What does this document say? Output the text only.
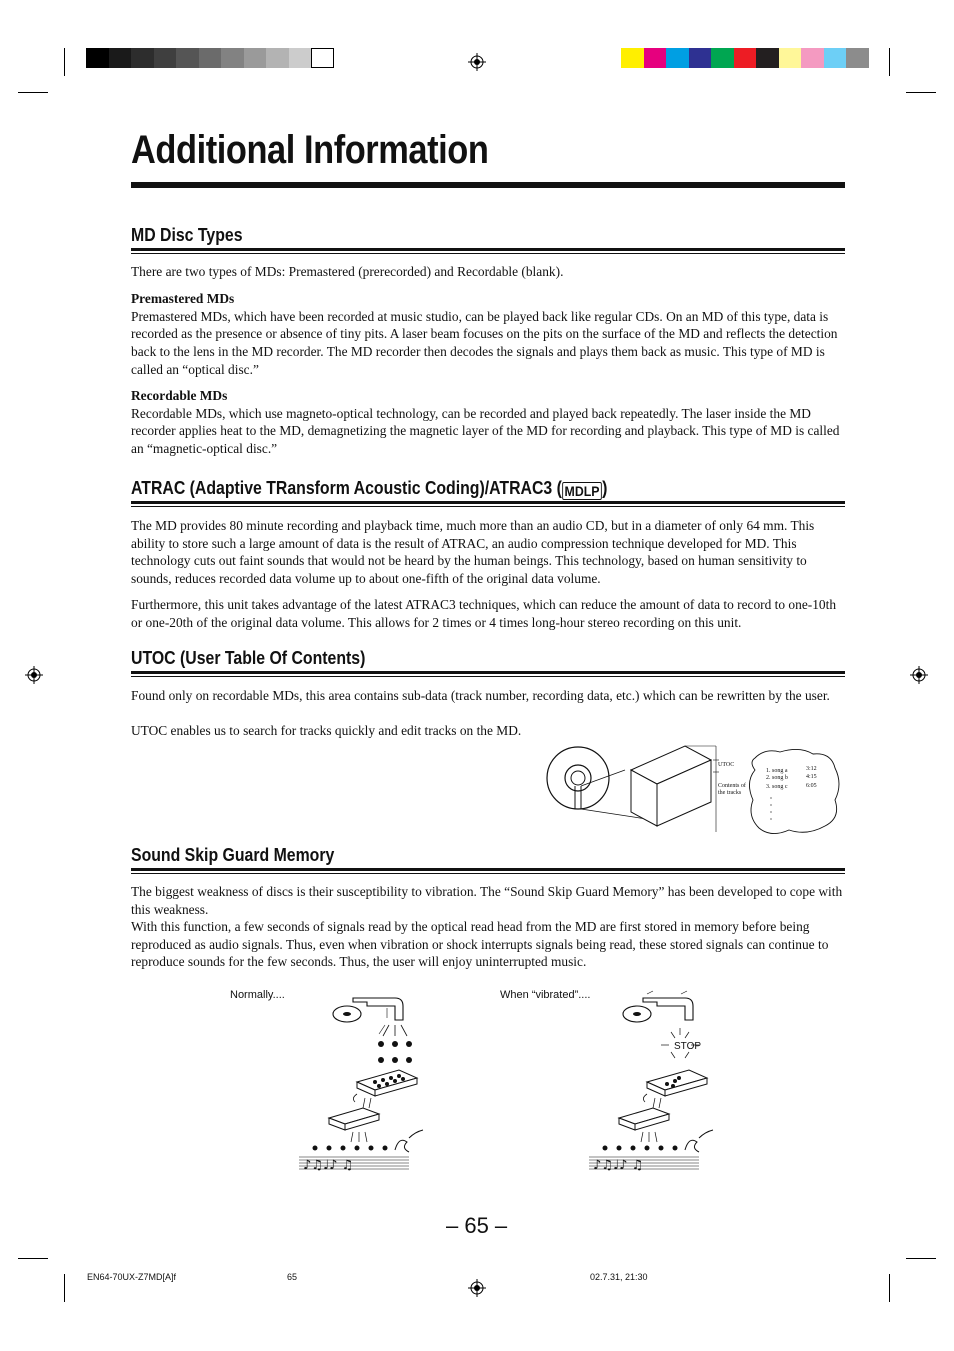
Additional Information
MD Disc Types

There are two types of MDs: Premastered (prerecorded) and Recordable (blank).

Premastered MDs
Premastered MDs, which have been recorded at music studio, can be played back like regular CDs. On an MD of this type, data is recorded as the presence or absence of tiny pits. A laser beam focuses on the pits on the surface of the MD and reflects the detection back to the lens in the MD recorder. The MD recorder then decodes the signals and plays them back as music. This type of MD is called an “optical disc.”

Recordable MDs
Recordable MDs, which use magneto-optical technology, can be recorded and played back repeatedly. The laser inside the MD recorder applies heat to the MD, demagnetizing the magnetic layer of the MD for recording and playback. This type of MD is called an “magnetic-optical disc.”

ATRAC (Adaptive TRansform Acoustic Coding)/ATRAC3 ( MDLP )

The MD provides 80 minute recording and playback time, much more than an audio CD, but in a diameter of only 64 mm. This ability to store such a large amount of data is the result of ATRAC, an audio compression technique developed for MD. This technology cuts out faint sounds that would not be heard by the human beings. This technology, based on human sensitivity to sounds, reduces recorded data volume up to about one-fifth of the original data volume.

Furthermore, this unit takes advantage of the latest ATRAC3 techniques, which can reduce the amount of data to record to one-10th or one-20th of the original data volume. This allows for 2 times or 4 times long-hour stereo recording on this unit.

UTOC (User Table Of Contents)

Found only on recordable MDs, this area contains sub-data (track number, recording data, etc.) which can be rewritten by the user.

UTOC enables us to search for tracks quickly and edit tracks on the MD.

UTOC
Contents of
the tracks
1. song a	3:12
2. song b	4:15
3. song c	6:05
Sound Skip Guard Memory

The biggest weakness of discs is their susceptibility to vibration. The “Sound Skip Guard Memory” has been developed to cope with this weakness.

With this function, a few seconds of signals read by the optical read head from the MD are first stored in memory before being reproduced as audio signals. Thus, even when vibration or shock interrupts signals being read, these stored signals can continue to reproduce sounds for the few seconds. Thus, the user will enjoy uninterrupted music.

Normally....	When “vibrated”....
♪♫♩♪ ♫
STOP
♪♫♩♪ ♫
– 65 –
EN64-70UX-Z7MD[A]f	65	02.7.31, 21:30
